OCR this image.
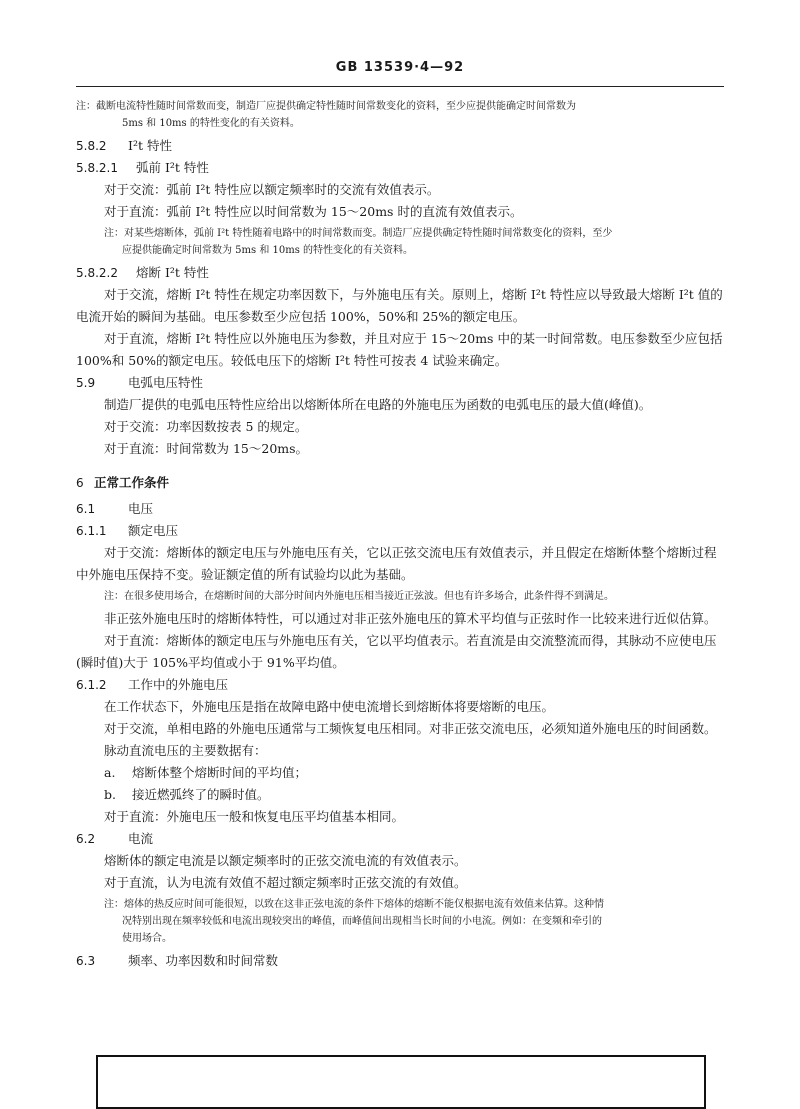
GB 13539·4—92

注：截断电流特性随时间常数而变，制造厂应提供确定特性随时间常数变化的资料，至少应提供能确定时间常数为
5ms 和 10ms 的特性变化的有关资料。

5.8.2 I²t 特性

5.8.2.1 弧前 I²t 特性

对于交流：弧前 I²t 特性应以额定频率时的交流有效值表示。

对于直流：弧前 I²t 特性应以时间常数为 15～20ms 时的直流有效值表示。

注：对某些熔断体，弧前 I²t 特性随着电路中的时间常数而变。制造厂应提供确定特性随时间常数变化的资料，至少
应提供能确定时间常数为 5ms 和 10ms 的特性变化的有关资料。

5.8.2.2 熔断 I²t 特性

对于交流，熔断 I²t 特性在规定功率因数下，与外施电压有关。原则上，熔断 I²t 特性应以导致最大熔断 I²t 值的电流开始的瞬间为基础。电压参数至少应包括 100%，50%和 25%的额定电压。

对于直流，熔断 I²t 特性应以外施电压为参数，并且对应于 15～20ms 中的某一时间常数。电压参数至少应包括 100%和 50%的额定电压。较低电压下的熔断 I²t 特性可按表 4 试验来确定。

5.9	电弧电压特性

制造厂提供的电弧电压特性应给出以熔断体所在电路的外施电压为函数的电弧电压的最大值(峰值)。

对于交流：功率因数按表 5 的规定。

对于直流：时间常数为 15～20ms。

6 正常工作条件

6.1	电压

6.1.1 额定电压

对于交流：熔断体的额定电压与外施电压有关，它以正弦交流电压有效值表示，并且假定在熔断体整个熔断过程中外施电压保持不变。验证额定值的所有试验均以此为基础。

注：在很多使用场合，在熔断时间的大部分时间内外施电压相当接近正弦波。但也有许多场合，此条件得不到满足。

非正弦外施电压时的熔断体特性，可以通过对非正弦外施电压的算术平均值与正弦时作一比较来进行近似估算。

对于直流：熔断体的额定电压与外施电压有关，它以平均值表示。若直流是由交流整流而得，其脉动不应使电压(瞬时值)大于 105%平均值或小于 91%平均值。

6.1.2 工作中的外施电压

在工作状态下，外施电压是指在故障电路中使电流增长到熔断体将要熔断的电压。

对于交流，单相电路的外施电压通常与工频恢复电压相同。对非正弦交流电压，必须知道外施电压的时间函数。

脉动直流电压的主要数据有：

a. 熔断体整个熔断时间的平均值；

b. 接近燃弧终了的瞬时值。

对于直流：外施电压一般和恢复电压平均值基本相同。

6.2	电流

熔断体的额定电流是以额定频率时的正弦交流电流的有效值表示。

对于直流，认为电流有效值不超过额定频率时正弦交流的有效值。

注：熔体的热反应时间可能很短，以致在这非正弦电流的条件下熔体的熔断不能仅根据电流有效值来估算。这种情
况特别出现在频率较低和电流出现较突出的峰值，而峰值间出现相当长时间的小电流。例如：在变频和牵引的
使用场合。

6.3	频率、功率因数和时间常数
